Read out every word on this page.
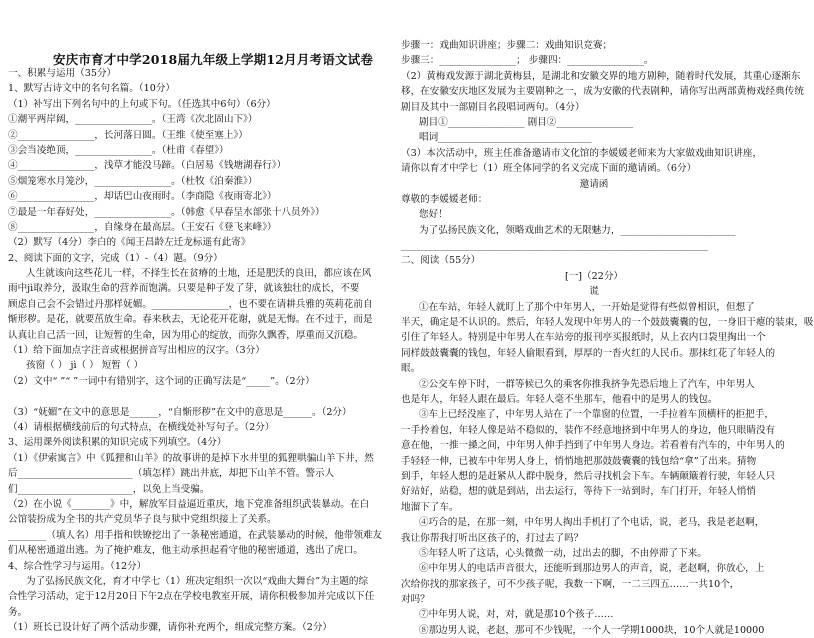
安庆市育才中学2018届九年级上学期12月月考语文试卷
一、积累与运用（35分）
1、默写古诗文中的名句名篇。（10分）
（1）补写出下列名句中的上句或下句。（任选其中6句）（6分）
①潮平两岸阔，________________。（王湾《次北固山下》）
②________________，长河落日圆。（王维《使至塞上》）
③会当凌绝顶，________________。（杜甫《春望》）
④________________，浅草才能没马蹄。（白居易《钱塘湖春行》）
⑤烟笼寒水月笼沙，________________。（杜牧《泊秦淮》）
⑥________________，却话巴山夜雨时。（李商隐《夜雨寄北》）
⑦最是一年春好处，________________。（韩愈《早春呈水部张十八员外》）
⑧________________，自缘身在最高层。（王安石《登飞来峰》）
（2）默写（4分）李白的《闻王昌龄左迁龙标遥有此寄》
2、阅读下面的文字，完成（1）-（4）题。（9分）
人生就该向这些花儿一样，不择生长在贫瘠的土地，还是肥沃的良田，都应该在风
雨中jì取养分，汲取生命的营养而饱满。只要是种子发了芽，就该独壮的成长，不要
顾虑自己会不会错过丹那样妩媚。________________，也不要在请耕兵雅的英莉花前自
惭形秽。是花，就要茁放生命。春来秋去，无论花开花谢，就是无悔。在不过于，而是
认真让自己活一回，让短暂的生命，因为用心的绽放，而弥久飘香，厚重而又沉稳。
（1）给下面加点字注音或根据拼音写出相应的汉字。（3分）
孩窗（ ） jì（ ） 短暂（ ）
（2）文中“ ”“ ”一词中有错别字，这个词的正确写法是“_____”。（2分）
（3）“妩媚”在文中的意思是______，“自惭形秽”在文中的意思是______。（2分）
（4）请根据横线前后的句式特点，在横线处补写句子。（2分）
3、运用课外阅读积累的知识完成下列填空。（4分）
（1）《伊索寓言》中《狐狸和山羊》的故事讲的是掉下水井里的狐狸哄骗山羊下井，然
后________________________（填怎样）跳出井底，却把下山羊不管。警示人
们________________________，以免上当受骗。
（2）在小说《________》中，解放军目益逼近重庆，地下党准备组织武装暴动。在白
公馆装扮成为全书的共产党员华子良与狱中党组织接上了关系。
________（填人名）用手指和铁镣挖出了一条秘密通道，在武装暴动的时候，他带领难友
们从秘密通道出逃。为了掩护难友，他主动承担起看守他的秘密通道，逃出了虎口。
4、综合性学习与运用。（12分）
为了弘扬民族文化，育才中学七（1）班决定组织一次以“戏曲大舞台”为主题的综
合性学习活动，定于12月20日下午2点在学校电教室开展，请你积极参加并完成以下任
务。
（1）班长已设计好了两个活动步骤，请你补充两个，组成完整方案。（2分）
步骤一：戏曲知识讲座；步骤二：戏曲知识竞赛；
步骤三：________________； 步骤四：________________。
（2）黄梅戏发源于湖北黄梅县，是湖北和安徽交界的地方剧种，随着时代发展，其重心逐渐东
移，在安徽安庆地区发展为主要剧种之一，成为安徽的代表剧种，请你写出两部黄梅戏经典传统
剧目及其中一部剧目名段唱词两句。（4分）
剧目①________________ 剧目②________________
唱词________________________________
（3）本次活动中，班主任准备邀请市文化馆的李媛媛老师来为大家做戏曲知识讲座，
请你以育才中学七（1）班全体同学的名义完成下面的邀请函。（6分）
邀请函
尊敬的李媛媛老师：
您好！
为了弘扬民族文化，领略戏曲艺术的无限魅力，________________________
________________________________________________________________
二、阅读（55分）
[一]（22分）
谎
①在车站，年轻人就盯上了那个中年男人，一开始是觉得有些似曾相识，但想了
半天，确定是不认识的。然后，年轻人发现中年男人的一个鼓鼓囊囊的包，一身旧干瘪的装束，吸
引住了年轻人。特别是中年男人在车站旁的报刊亭买报纸时，从上衣内口袋里掏出一个
同样鼓鼓囊囊的钱包，年轻人偷眼看到，厚厚的一沓火红的人民币。那抹红花了年轻人的
眼。
②公交车停下时，一群等候已久的乘客你推我挤争先恐后地上了汽车，中年男人
也是年人，年轻人跟在最后。年轻人毫不坐那车，他看中的是男人的钱包。
③车上已经没座了，中年男人站在了一个靠窗的位置，一手拉着车顶横杆的拒把手，
一手拎着包，年轻人像是站不稳似的，装作不经意地挤到中年男人的身边，他只眼睛没有
意在他，一推一搡之间，中年男人伸手挡到了中年男人身边。若看着有汽车的，中年男人的
手轻轻一伸，已被车中年男人身上，悄悄地把那鼓鼓囊囊的钱包给“拿”了出来。猜物
到手，年轻人想的是赶紧从人群中脱身，然后寻找机会下车。车辆颠簸着行驶，年轻人只
好站好，站稳，想的就是到站，出去运行，等待下一站到时，车门打开，年轻人悄悄
地溜下了车。
④巧合的是，在那一刻，中年男人掏出手机打了个电话，说，老马，我是老赵啊，
我让你帮我打听出区孩子的，打过去了吗？
⑤年轻人听了这话，心头微微一动，过出去的脚，不由停滞了下来。
⑥中年男人的电话声音很大，还能听到那边男人的声音，说，老赵啊，你放心，上
次给你找的那家孩子，可不少孩子呢，我数一下啊，一二三四五……一共10个，
对吗？
⑦中年男人说，对，对，就是那10个孩子……
⑧那边男人说，老赵，那可不少钱呢，一个人一学期1000块，10个人就是10000
